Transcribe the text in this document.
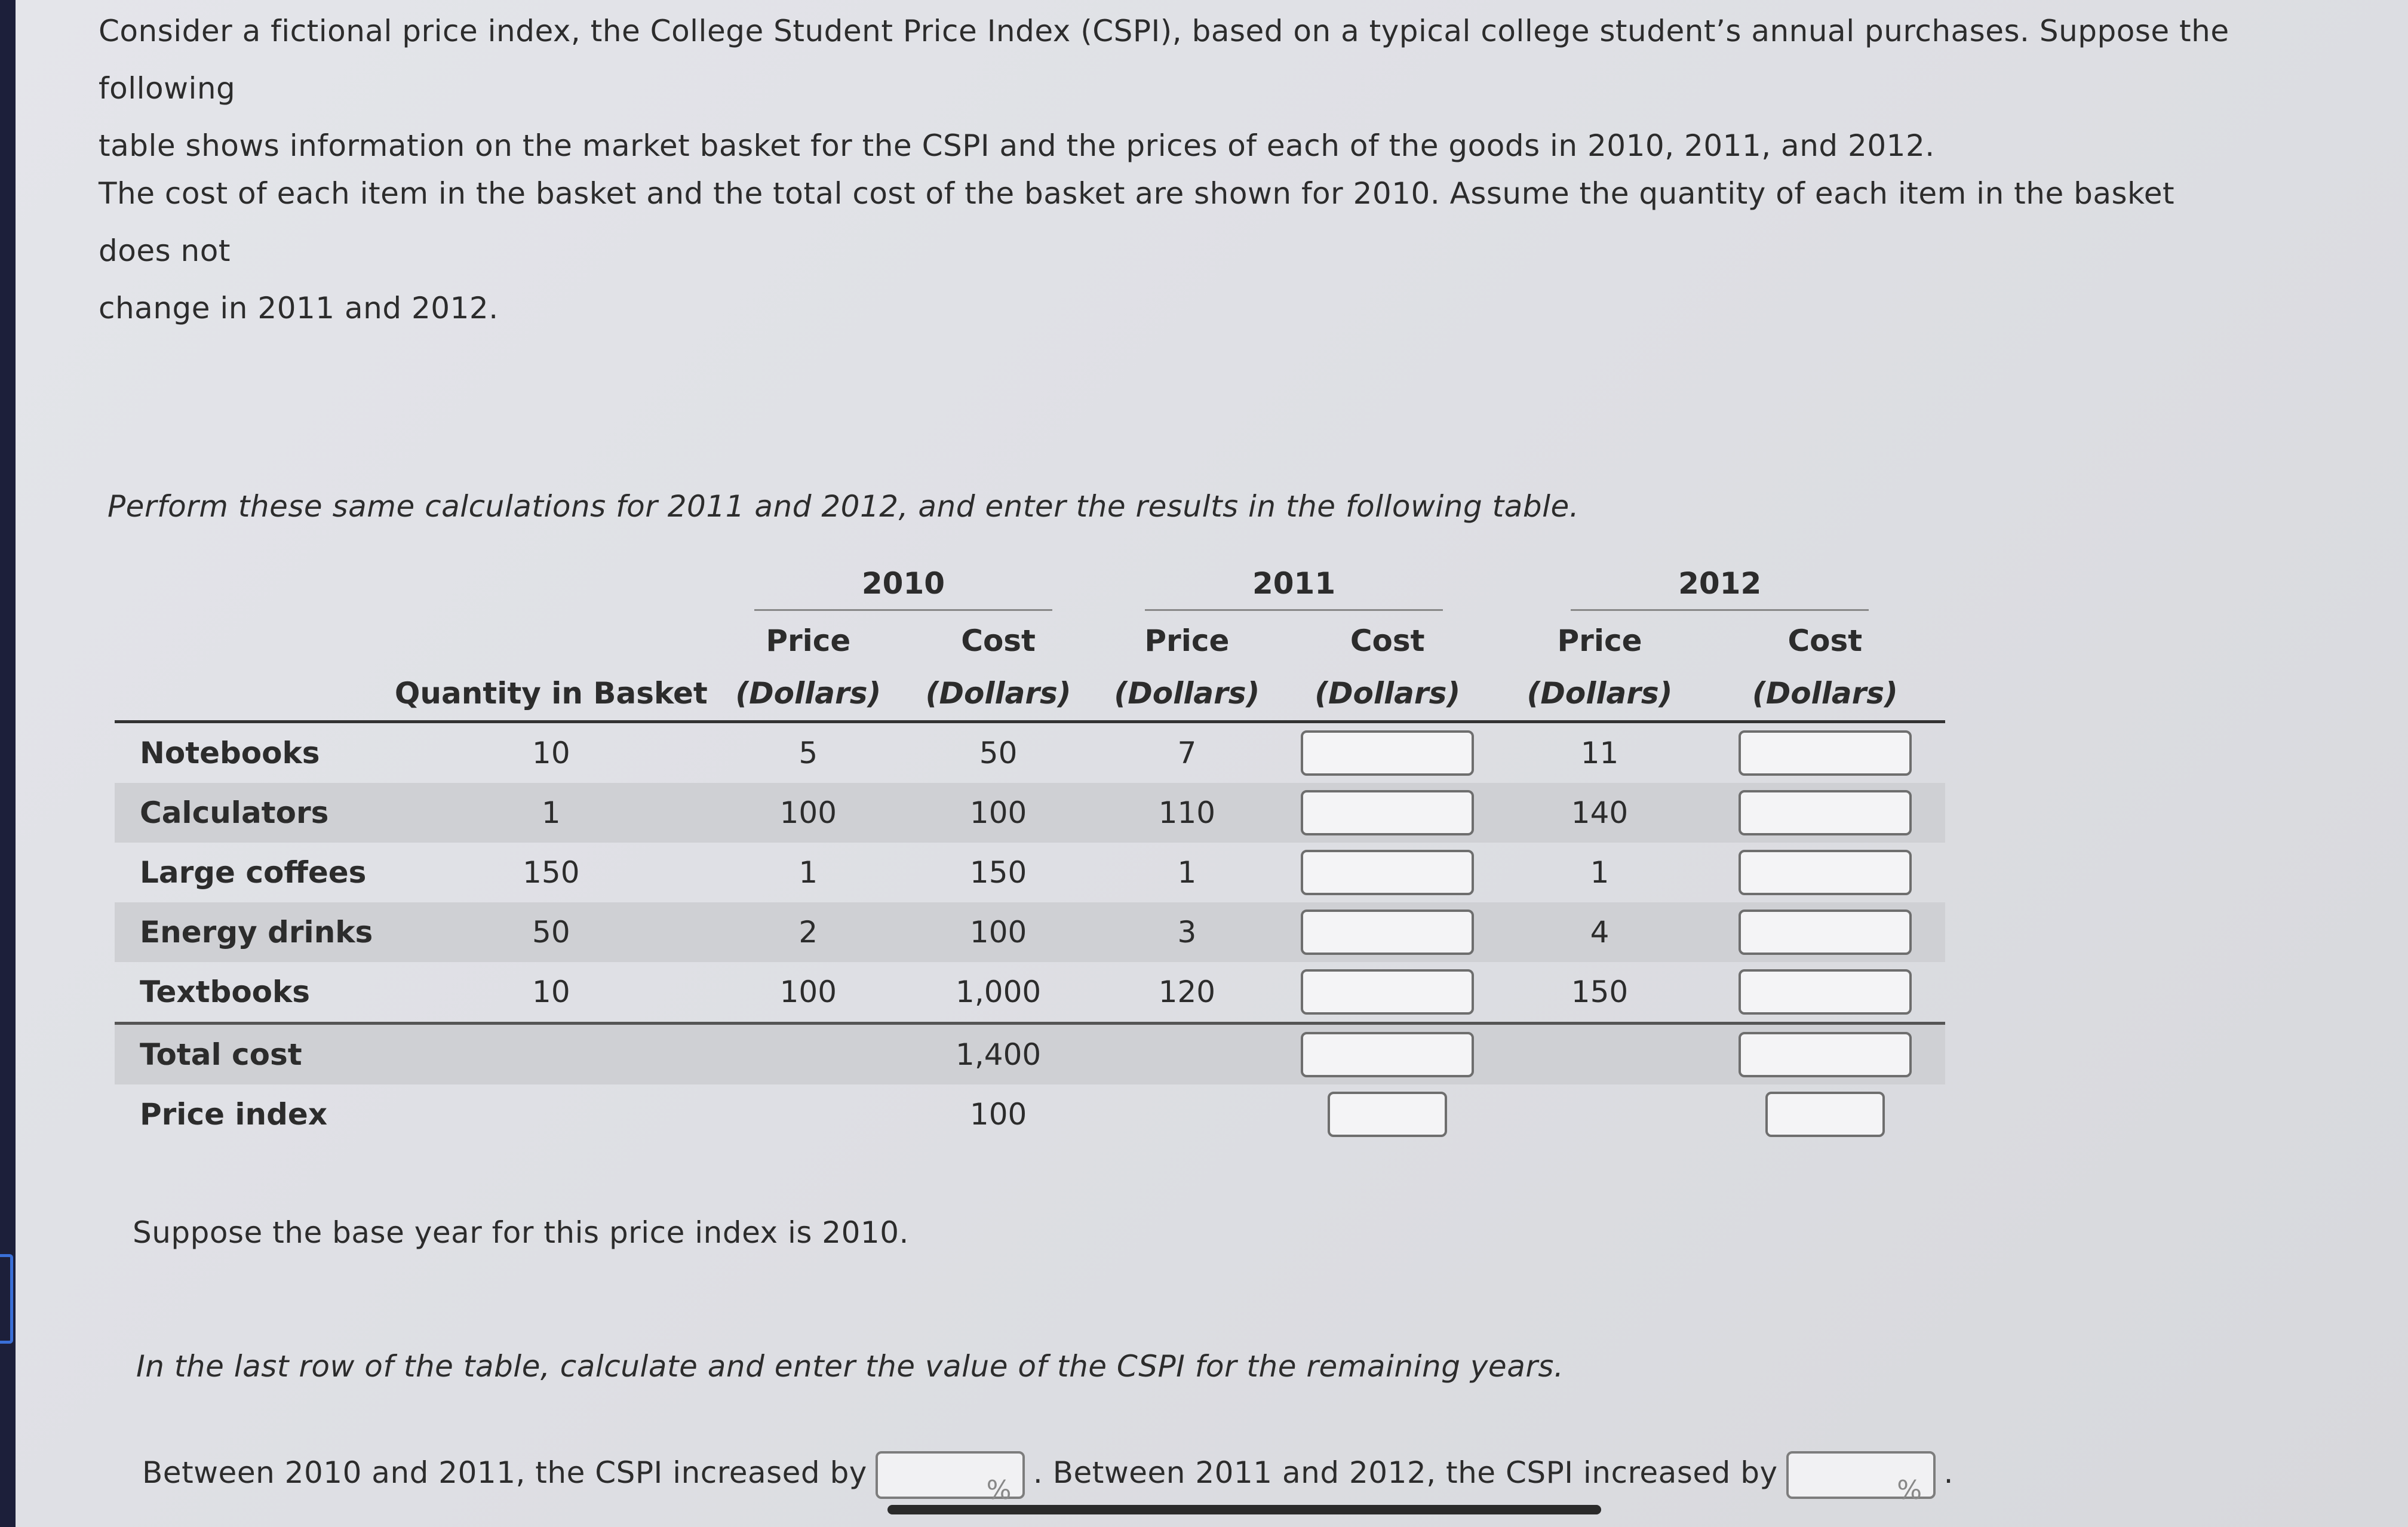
Consider a fictional price index, the College Student Price Index (CSPI), based on a typical college student’s annual purchases. Suppose the following
table shows information on the market basket for the CSPI and the prices of each of the goods in 2010, 2011, and 2012.
The cost of each item in the basket and the total cost of the basket are shown for 2010. Assume the quantity of each item in the basket does not
change in 2011 and 2012.
Perform these same calculations for 2011 and 2012, and enter the results in the following table.
		2010		2011		2012	
		Price	Cost	Price	Cost	Price	Cost
	Quantity in Basket	(Dollars)	(Dollars)	(Dollars)	(Dollars)	(Dollars)	(Dollars)
Notebooks	10	5	50	7		11	
Calculators	1	100	100	110		140	
Large coffees	150	1	150	1		1	
Energy drinks	50	2	100	3		4	
Textbooks	10	100	1,000	120		150	
Total cost			1,400				
Price index			100				
Suppose the base year for this price index is 2010.
In the last row of the table, calculate and enter the value of the CSPI for the remaining years.
Between 2010 and 2011, the CSPI increased by	% . Between 2011 and 2012, the CSPI increased by	% .
